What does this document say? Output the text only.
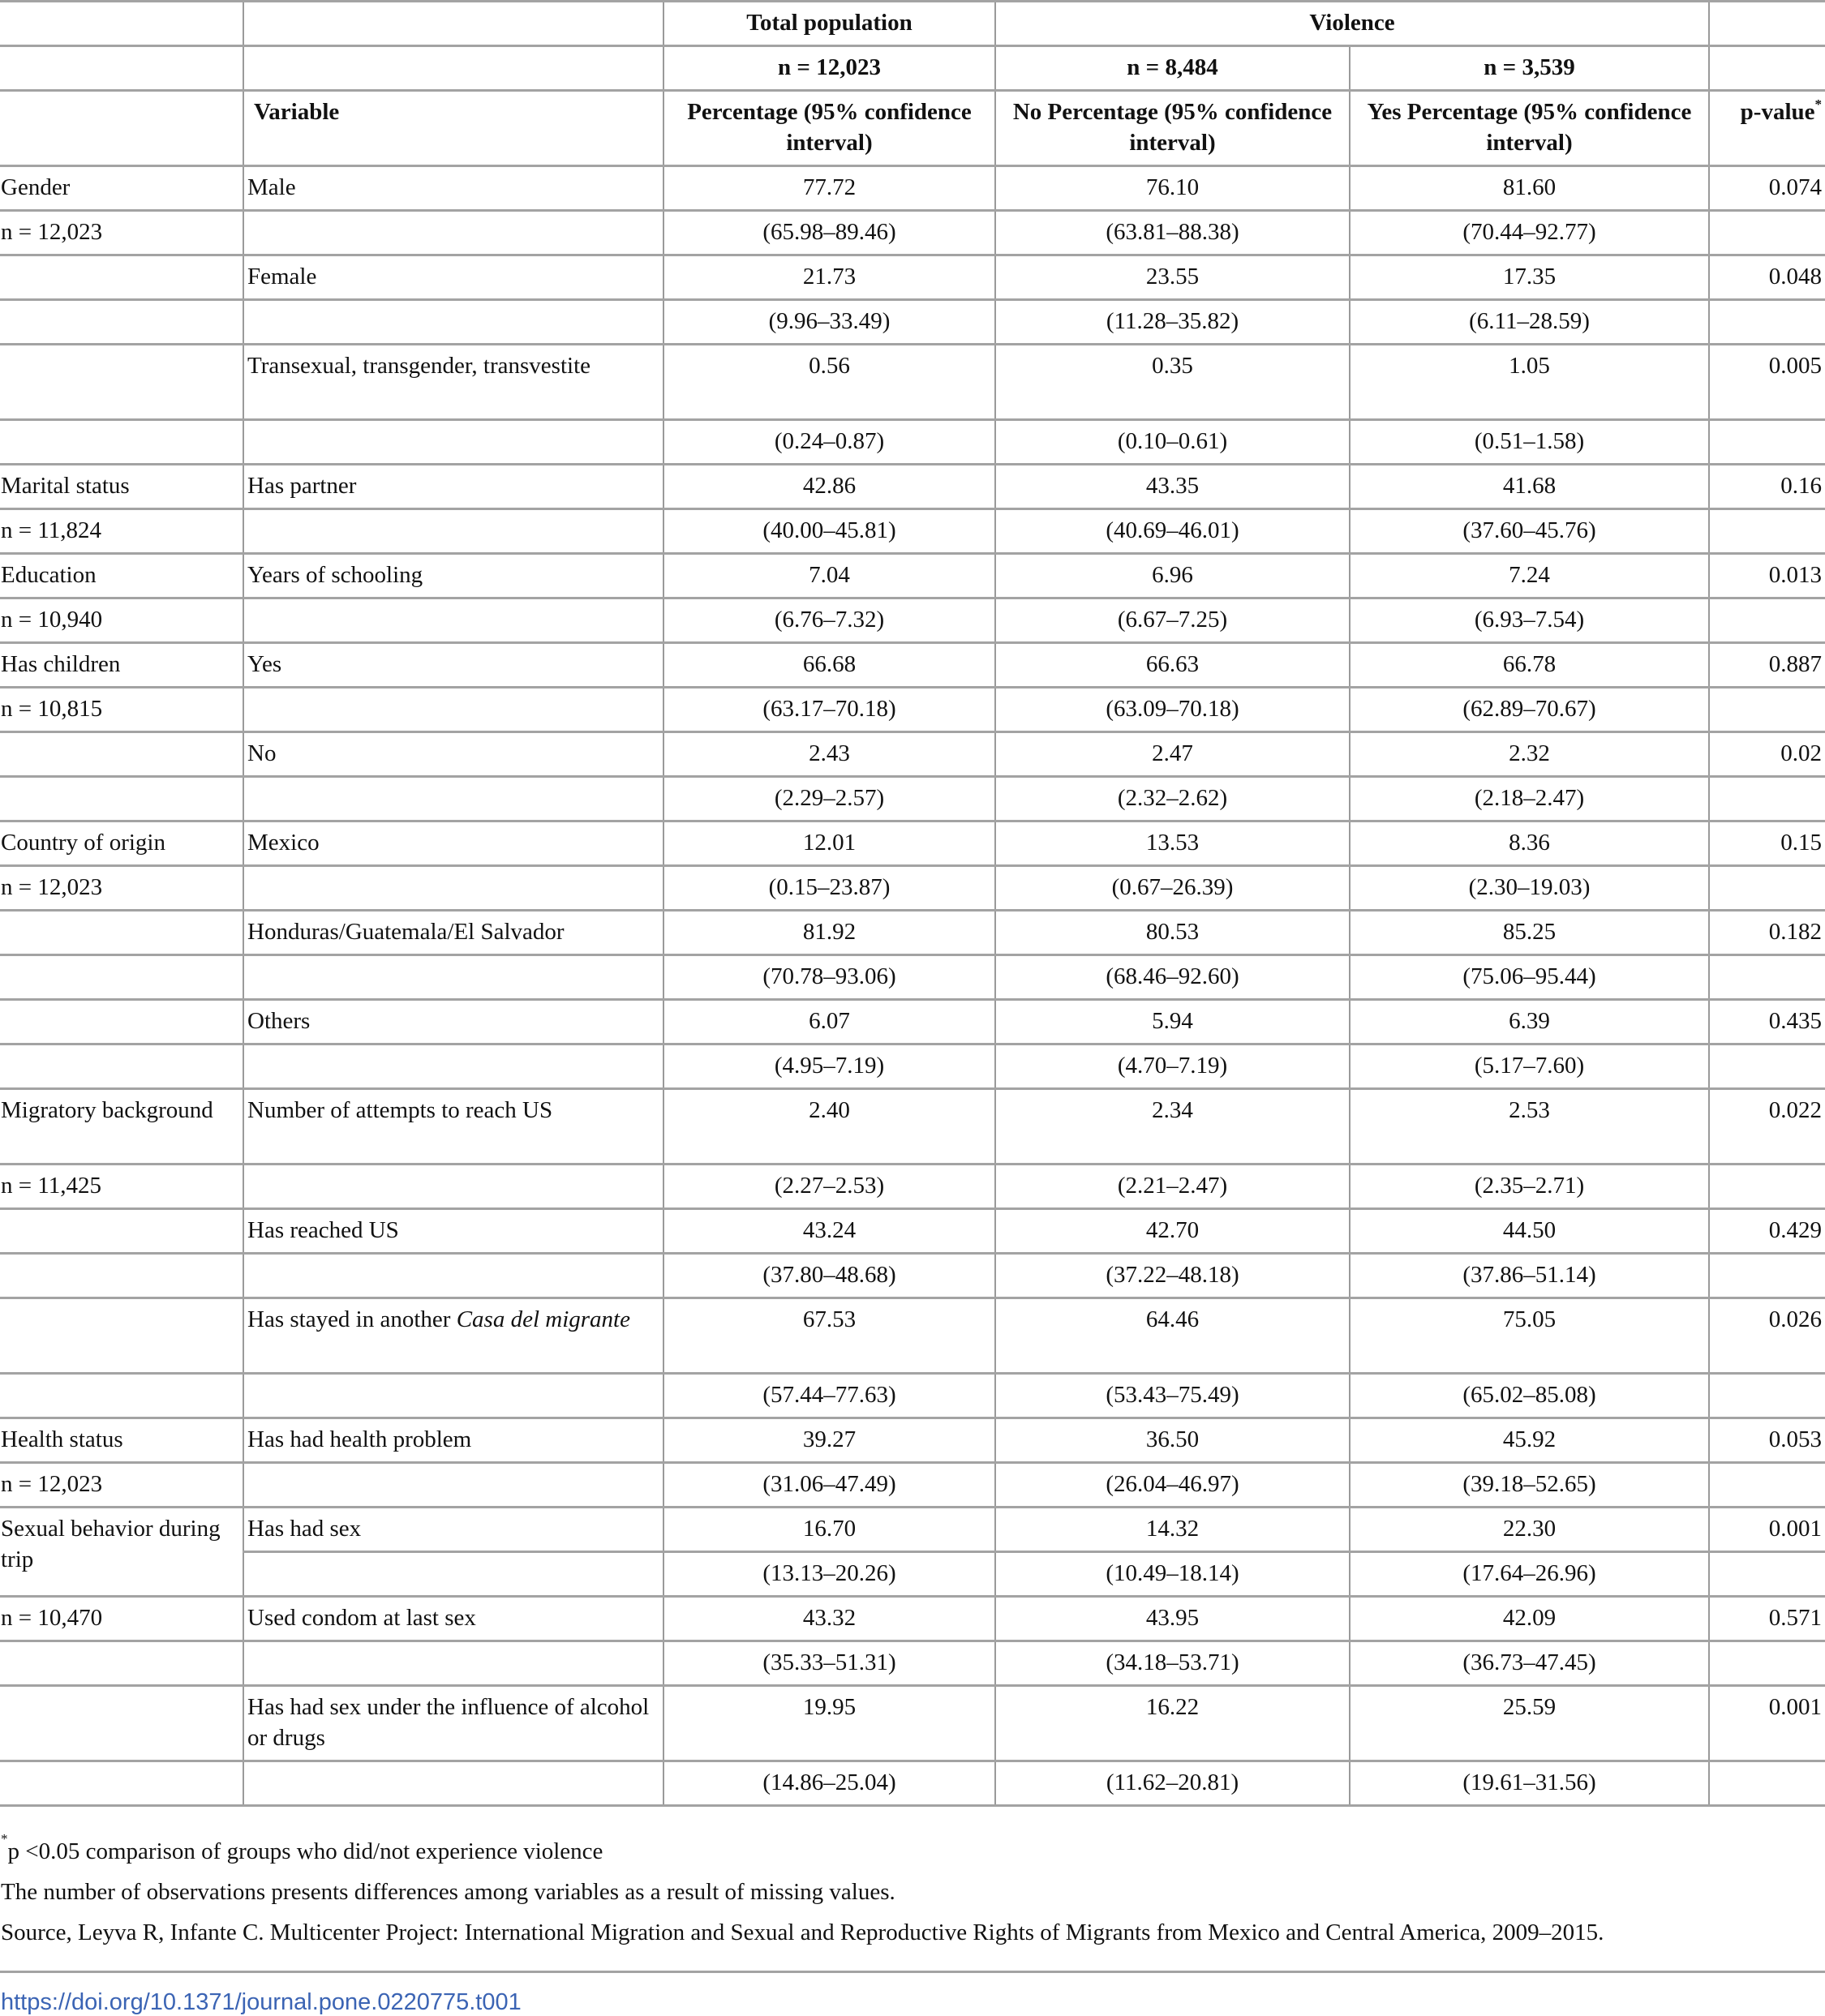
		Total population	Violence		
		n = 12,023	n = 8,484	n = 3,539	
	Variable	Percentage (95% confidence interval)	No Percentage (95% confidence interval)	Yes Percentage (95% confidence interval)	p-value*
Gender	Male	77.72	76.10	81.60	0.074
n = 12,023		(65.98–89.46)	(63.81–88.38)	(70.44–92.77)	
	Female	21.73	23.55	17.35	0.048
		(9.96–33.49)	(11.28–35.82)	(6.11–28.59)	
	Transexual, transgender, transvestite	0.56	0.35	1.05	0.005
		(0.24–0.87)	(0.10–0.61)	(0.51–1.58)	
Marital status	Has partner	42.86	43.35	41.68	0.16
n = 11,824		(40.00–45.81)	(40.69–46.01)	(37.60–45.76)	
Education	Years of schooling	7.04	6.96	7.24	0.013
n = 10,940		(6.76–7.32)	(6.67–7.25)	(6.93–7.54)	
Has children	Yes	66.68	66.63	66.78	0.887
n = 10,815		(63.17–70.18)	(63.09–70.18)	(62.89–70.67)	
	No	2.43	2.47	2.32	0.02
		(2.29–2.57)	(2.32–2.62)	(2.18–2.47)	
Country of origin	Mexico	12.01	13.53	8.36	0.15
n = 12,023		(0.15–23.87)	(0.67–26.39)	(2.30–19.03)	
	Honduras/Guatemala/El Salvador	81.92	80.53	85.25	0.182
		(70.78–93.06)	(68.46–92.60)	(75.06–95.44)	
	Others	6.07	5.94	6.39	0.435
		(4.95–7.19)	(4.70–7.19)	(5.17–7.60)	
Migratory background	Number of attempts to reach US	2.40	2.34	2.53	0.022
n = 11,425		(2.27–2.53)	(2.21–2.47)	(2.35–2.71)	
	Has reached US	43.24	42.70	44.50	0.429
		(37.80–48.68)	(37.22–48.18)	(37.86–51.14)	
	Has stayed in another Casa del migrante	67.53	64.46	75.05	0.026
		(57.44–77.63)	(53.43–75.49)	(65.02–85.08)	
Health status	Has had health problem	39.27	36.50	45.92	0.053
n = 12,023		(31.06–47.49)	(26.04–46.97)	(39.18–52.65)	
Sexual behavior during trip	Has had sex	16.70	14.32	22.30	0.001
		(13.13–20.26)	(10.49–18.14)	(17.64–26.96)	
n = 10,470	Used condom at last sex	43.32	43.95	42.09	0.571
		(35.33–51.31)	(34.18–53.71)	(36.73–47.45)	
	Has had sex under the influence of alcohol or drugs	19.95	16.22	25.59	0.001
		(14.86–25.04)	(11.62–20.81)	(19.61–31.56)	

*p <0.05 comparison of groups who did/not experience violence

The number of observations presents differences among variables as a result of missing values.

Source, Leyva R, Infante C. Multicenter Project: International Migration and Sexual and Reproductive Rights of Migrants from Mexico and Central America, 2009–2015.

https://doi.org/10.1371/journal.pone.0220775.t001
